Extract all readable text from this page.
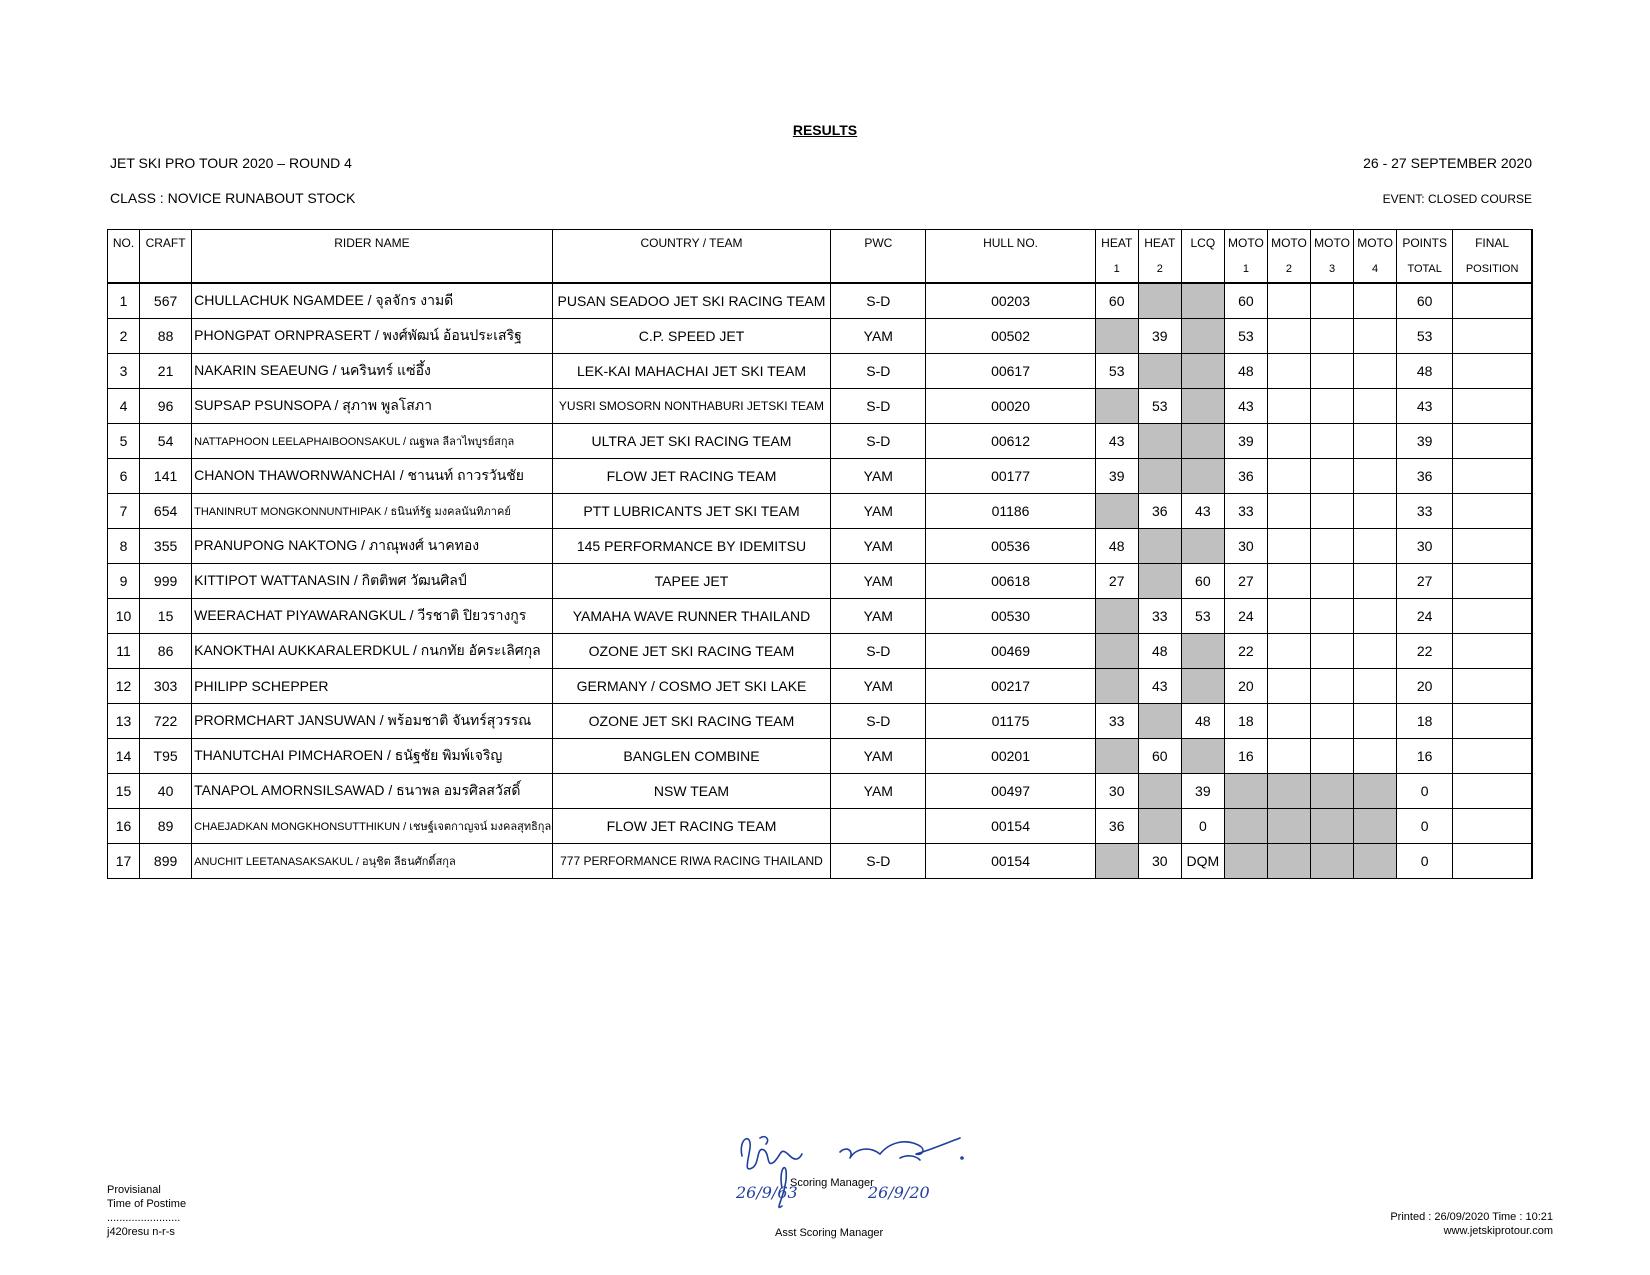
RESULTS
JET SKI PRO TOUR 2020 – ROUND 4	26 - 27 SEPTEMBER 2020
CLASS : NOVICE RUNABOUT STOCK	EVENT: CLOSED COURSE
NO.	CRAFT	RIDER NAME	COUNTRY / TEAM	PWC	HULL NO.	HEAT	HEAT	LCQ	MOTO	MOTO	MOTO	MOTO	POINTS	FINAL
						1	2		1	2	3	4	TOTAL	POSITION
1	567	CHULLACHUK NGAMDEE / จุลจักร งามดี	PUSAN SEADOO JET SKI RACING TEAM	S-D	00203	60			60				60	
2	88	PHONGPAT ORNPRASERT / พงศ์พัฒน์ อ้อนประเสริฐ	C.P. SPEED JET	YAM	00502		39		53				53	
3	21	NAKARIN SEAEUNG / นครินทร์ แซ่อึ้ง	LEK-KAI MAHACHAI JET SKI TEAM	S-D	00617	53			48				48	
4	96	SUPSAP PSUNSOPA / สุภาพ พูลโสภา	YUSRI SMOSORN NONTHABURI JETSKI TEAM	S-D	00020		53		43				43	
5	54	NATTAPHOON LEELAPHAIBOONSAKUL / ณฐพล ลีลาไพบูรย์สกุล	ULTRA JET SKI RACING TEAM	S-D	00612	43			39				39	
6	141	CHANON THAWORNWANCHAI / ชานนท์ ถาวรวันชัย	FLOW JET RACING TEAM	YAM	00177	39			36				36	
7	654	THANINRUT MONGKONNUNTHIPAK / ธนินท์รัฐ มงคลนันทิภาคย์	PTT LUBRICANTS JET SKI TEAM	YAM	01186		36	43	33				33	
8	355	PRANUPONG NAKTONG / ภาณุพงศ์ นาคทอง	145 PERFORMANCE BY IDEMITSU	YAM	00536	48			30				30	
9	999	KITTIPOT WATTANASIN / กิตติพศ วัฒนศิลป์	TAPEE JET	YAM	00618	27		60	27				27	
10	15	WEERACHAT PIYAWARANGKUL / วีรชาติ ปิยวรางกูร	YAMAHA WAVE RUNNER THAILAND	YAM	00530		33	53	24				24	
11	86	KANOKTHAI AUKKARALERDKUL / กนกทัย อัคระเลิศกุล	OZONE JET SKI RACING TEAM	S-D	00469		48		22				22	
12	303	PHILIPP SCHEPPER	GERMANY / COSMO JET SKI LAKE	YAM	00217		43		20				20	
13	722	PRORMCHART JANSUWAN / พร้อมชาติ จันทร์สุวรรณ	OZONE JET SKI RACING TEAM	S-D	01175	33		48	18				18	
14	T95	THANUTCHAI PIMCHAROEN / ธนัฐชัย พิมพ์เจริญ	BANGLEN COMBINE	YAM	00201		60		16				16	
15	40	TANAPOL AMORNSILSAWAD / ธนาพล อมรศิลสวัสดิ์	NSW TEAM	YAM	00497	30		39					0	
16	89	CHAEJADKAN MONGKHONSUTTHIKUN / เชษฐ์เจตกาญจน์ มงคลสุทธิกุล	FLOW JET RACING TEAM		00154	36		0					0	
17	899	ANUCHIT LEETANASAKSAKUL / อนุชิต ลีธนศักดิ์สกุล	777 PERFORMANCE RIWA RACING THAILAND	S-D	00154		30	DQM					0	
Provisianal
Time of Postime
........................
j420resu n-r-s
26/9/63	26/9/20
Scoring Manager
Asst Scoring Manager
Printed : 26/09/2020 Time : 10:21
www.jetskiprotour.com
